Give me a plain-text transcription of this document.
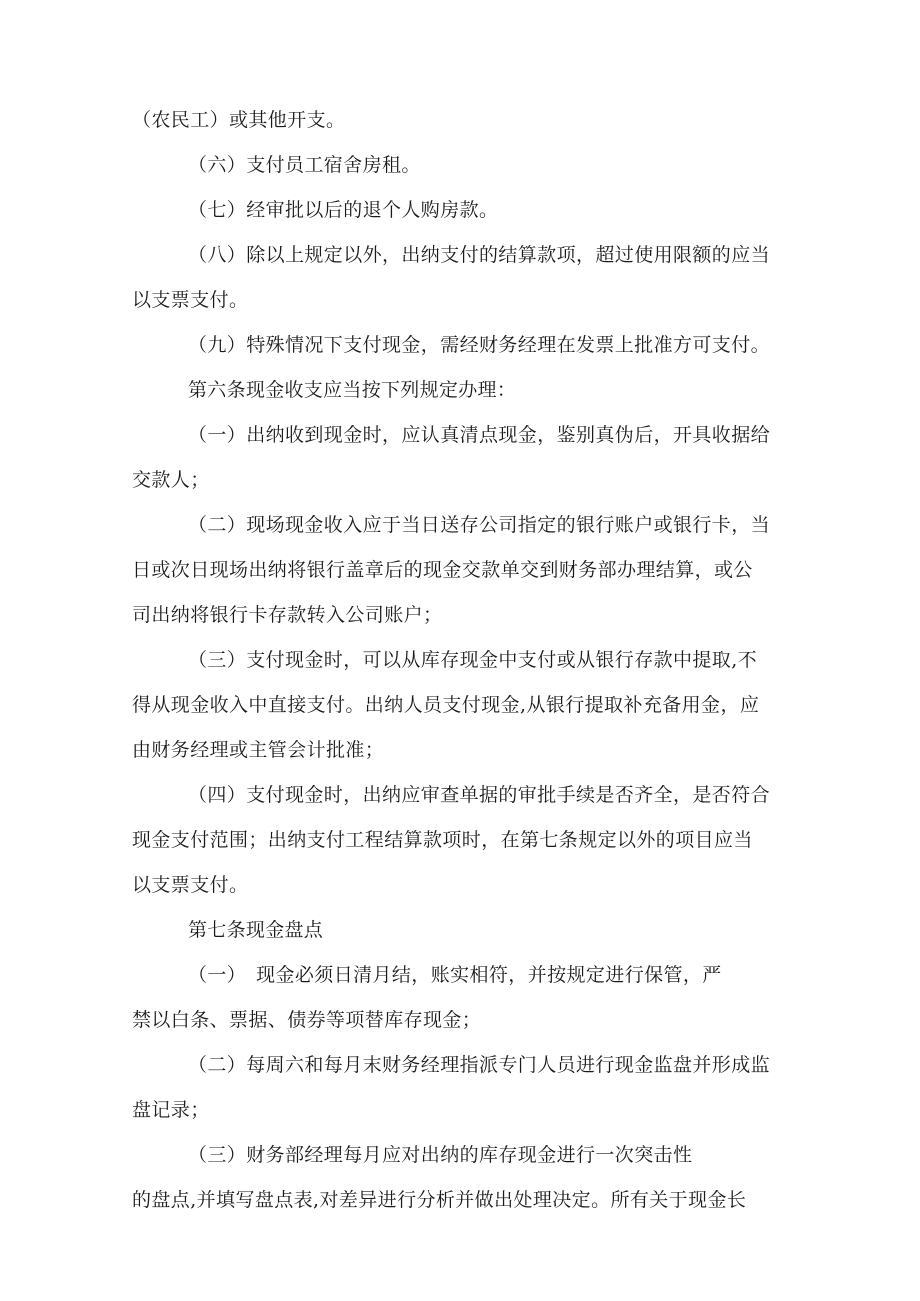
（农民工）或其他开支。
（六）支付员工宿舍房租。
（七）经审批以后的退个人购房款。
（八）除以上规定以外，出纳支付的结算款项，超过使用限额的应当
以支票支付。
（九）特殊情况下支付现金，需经财务经理在发票上批准方可支付。
第六条现金收支应当按下列规定办理：
（一）出纳收到现金时，应认真清点现金，鉴别真伪后，开具收据给
交款人；
（二）现场现金收入应于当日送存公司指定的银行账户或银行卡，当
日或次日现场出纳将银行盖章后的现金交款单交到财务部办理结算，或公
司出纳将银行卡存款转入公司账户；
（三）支付现金时，可以从库存现金中支付或从银行存款中提取,不
得从现金收入中直接支付。出纳人员支付现金,从银行提取补充备用金，应
由财务经理或主管会计批准；
（四）支付现金时，出纳应审查单据的审批手续是否齐全，是否符合
现金支付范围；出纳支付工程结算款项时，在第七条规定以外的项目应当
以支票支付。
第七条现金盘点
（一）　现金必须日清月结，账实相符，并按规定进行保管，严
禁以白条、票据、债券等项替库存现金；
（二）每周六和每月末财务经理指派专门人员进行现金监盘并形成监
盘记录；
（三）财务部经理每月应对出纳的库存现金进行一次突击性
的盘点,并填写盘点表,对差异进行分析并做出处理决定。所有关于现金长
